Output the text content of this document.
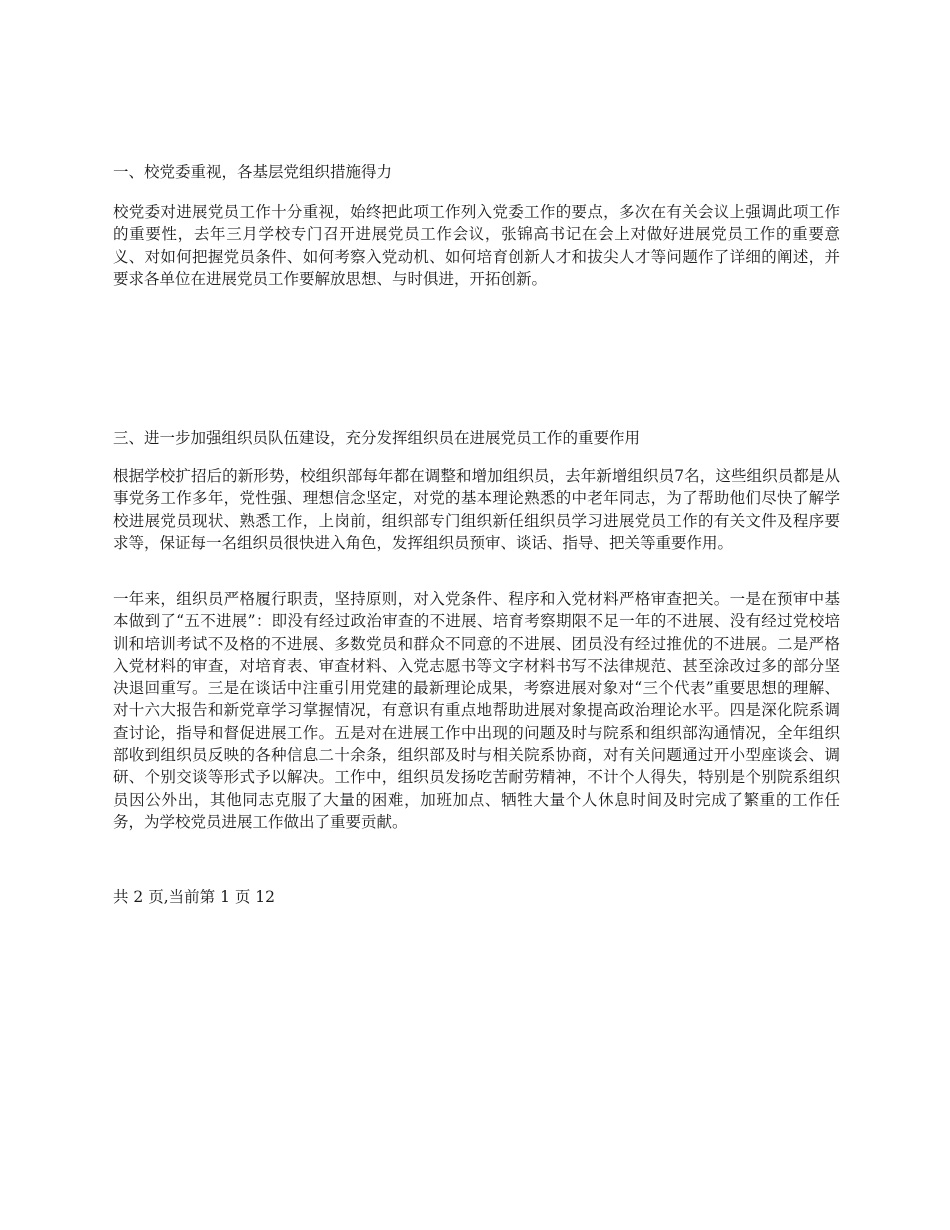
一、校党委重视，各基层党组织措施得力

校党委对进展党员工作十分重视，始终把此项工作列入党委工作的要点，多次在有关会议上强调此项工作的重要性，去年三月学校专门召开进展党员工作会议，张锦高书记在会上对做好进展党员工作的重要意义、对如何把握党员条件、如何考察入党动机、如何培育创新人才和拔尖人才等问题作了详细的阐述，并要求各单位在进展党员工作要解放思想、与时俱进，开拓创新。

三、进一步加强组织员队伍建设，充分发挥组织员在进展党员工作的重要作用

根据学校扩招后的新形势，校组织部每年都在调整和增加组织员，去年新增组织员7名，这些组织员都是从事党务工作多年，党性强、理想信念坚定，对党的基本理论熟悉的中老年同志，为了帮助他们尽快了解学校进展党员现状、熟悉工作，上岗前，组织部专门组织新任组织员学习进展党员工作的有关文件及程序要求等，保证每一名组织员很快进入角色，发挥组织员预审、谈话、指导、把关等重要作用。

一年来，组织员严格履行职责，坚持原则，对入党条件、程序和入党材料严格审查把关。一是在预审中基本做到了“五不进展”：即没有经过政治审查的不进展、培育考察期限不足一年的不进展、没有经过党校培训和培训考试不及格的不进展、多数党员和群众不同意的不进展、团员没有经过推优的不进展。二是严格入党材料的审查，对培育表、审查材料、入党志愿书等文字材料书写不法律规范、甚至涂改过多的部分坚决退回重写。三是在谈话中注重引用党建的最新理论成果，考察进展对象对“三个代表”重要思想的理解、对十六大报告和新党章学习掌握情况，有意识有重点地帮助进展对象提高政治理论水平。四是深化院系调查讨论，指导和督促进展工作。五是对在进展工作中出现的问题及时与院系和组织部沟通情况，全年组织部收到组织员反映的各种信息二十余条，组织部及时与相关院系协商，对有关问题通过开小型座谈会、调研、个别交谈等形式予以解决。工作中，组织员发扬吃苦耐劳精神，不计个人得失，特别是个别院系组织员因公外出，其他同志克服了大量的困难，加班加点、牺牲大量个人休息时间及时完成了繁重的工作任务，为学校党员进展工作做出了重要贡献。

共 2 页,当前第 1 页 12
